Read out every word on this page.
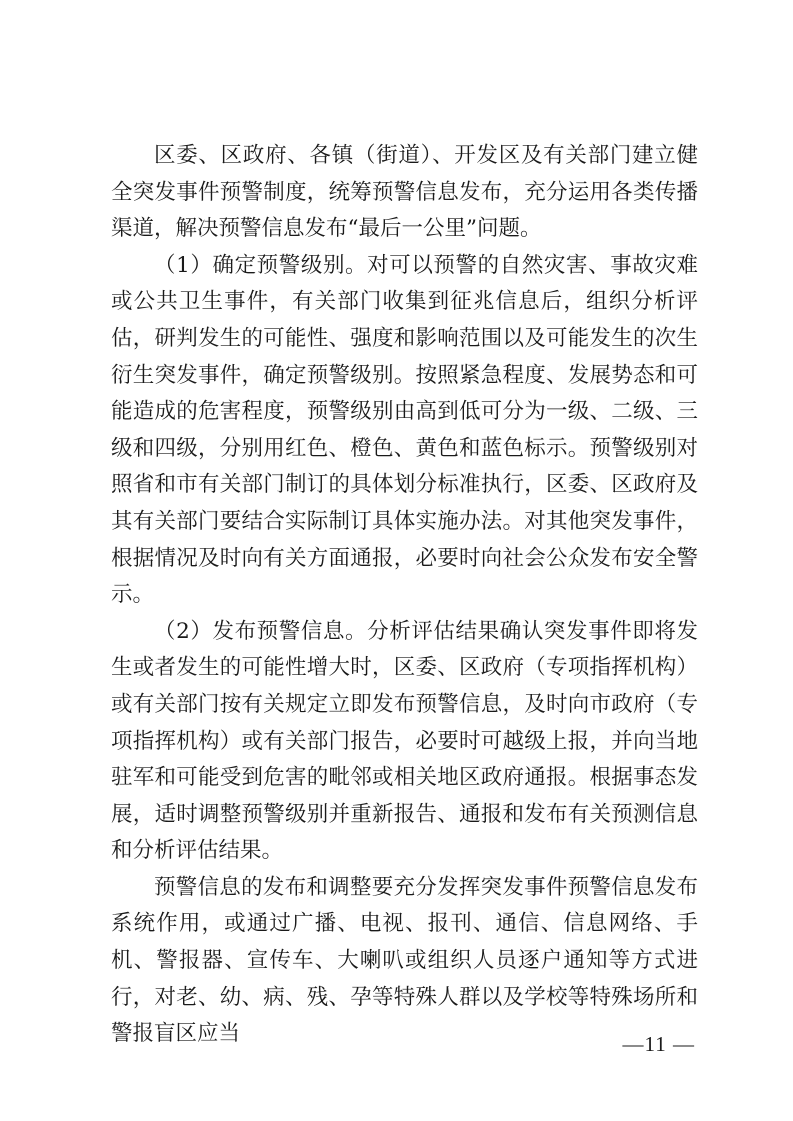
区委、区政府、各镇（街道）、开发区及有关部门建立健全突发事件预警制度，统筹预警信息发布，充分运用各类传播渠道，解决预警信息发布“最后一公里”问题。

（1）确定预警级别。对可以预警的自然灾害、事故灾难或公共卫生事件，有关部门收集到征兆信息后，组织分析评估，研判发生的可能性、强度和影响范围以及可能发生的次生衍生突发事件，确定预警级别。按照紧急程度、发展势态和可能造成的危害程度，预警级别由高到低可分为一级、二级、三级和四级，分别用红色、橙色、黄色和蓝色标示。预警级别对照省和市有关部门制订的具体划分标准执行，区委、区政府及其有关部门要结合实际制订具体实施办法。对其他突发事件，根据情况及时向有关方面通报，必要时向社会公众发布安全警示。

（2）发布预警信息。分析评估结果确认突发事件即将发生或者发生的可能性增大时，区委、区政府（专项指挥机构）或有关部门按有关规定立即发布预警信息，及时向市政府（专项指挥机构）或有关部门报告，必要时可越级上报，并向当地驻军和可能受到危害的毗邻或相关地区政府通报。根据事态发展，适时调整预警级别并重新报告、通报和发布有关预测信息和分析评估结果。

预警信息的发布和调整要充分发挥突发事件预警信息发布系统作用，或通过广播、电视、报刊、通信、信息网络、手机、警报器、宣传车、大喇叭或组织人员逐户通知等方式进行，对老、幼、病、残、孕等特殊人群以及学校等特殊场所和警报盲区应当	—11 —
